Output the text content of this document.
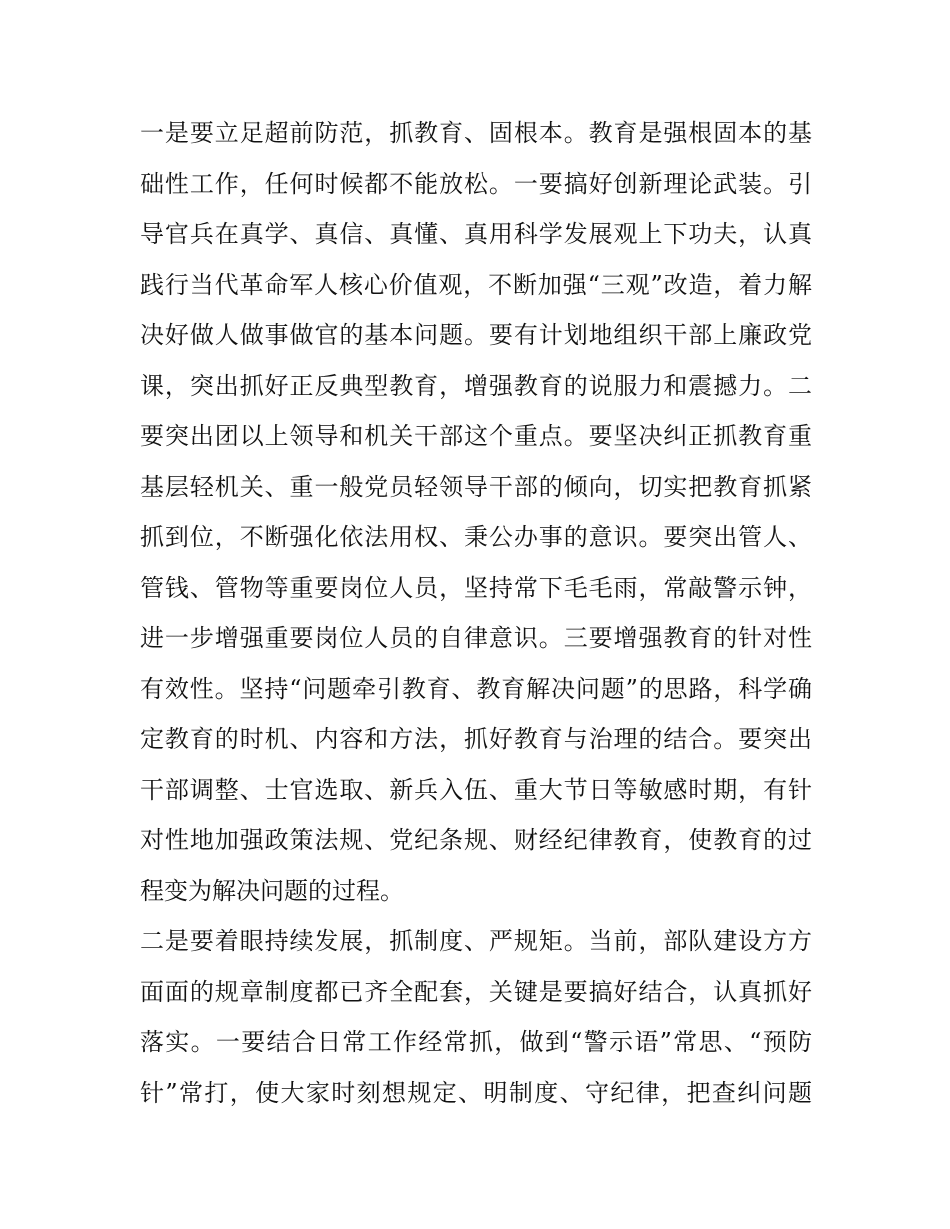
一是要立足超前防范，抓教育、固根本。教育是强根固本的基
础性工作，任何时候都不能放松。一要搞好创新理论武装。引
导官兵在真学、真信、真懂、真用科学发展观上下功夫，认真
践行当代革命军人核心价值观，不断加强“三观”改造，着力解
决好做人做事做官的基本问题。要有计划地组织干部上廉政党
课，突出抓好正反典型教育，增强教育的说服力和震撼力。二
要突出团以上领导和机关干部这个重点。要坚决纠正抓教育重
基层轻机关、重一般党员轻领导干部的倾向，切实把教育抓紧
抓到位，不断强化依法用权、秉公办事的意识。要突出管人、
管钱、管物等重要岗位人员，坚持常下毛毛雨，常敲警示钟，
进一步增强重要岗位人员的自律意识。三要增强教育的针对性
有效性。坚持“问题牵引教育、教育解决问题”的思路，科学确
定教育的时机、内容和方法，抓好教育与治理的结合。要突出
干部调整、士官选取、新兵入伍、重大节日等敏感时期，有针
对性地加强政策法规、党纪条规、财经纪律教育，使教育的过
程变为解决问题的过程。
二是要着眼持续发展，抓制度、严规矩。当前，部队建设方方
面面的规章制度都已齐全配套，关键是要搞好结合，认真抓好
落实。一要结合日常工作经常抓，做到“警示语”常思、“预防
针”常打，使大家时刻想规定、明制度、守纪律，把查纠问题
